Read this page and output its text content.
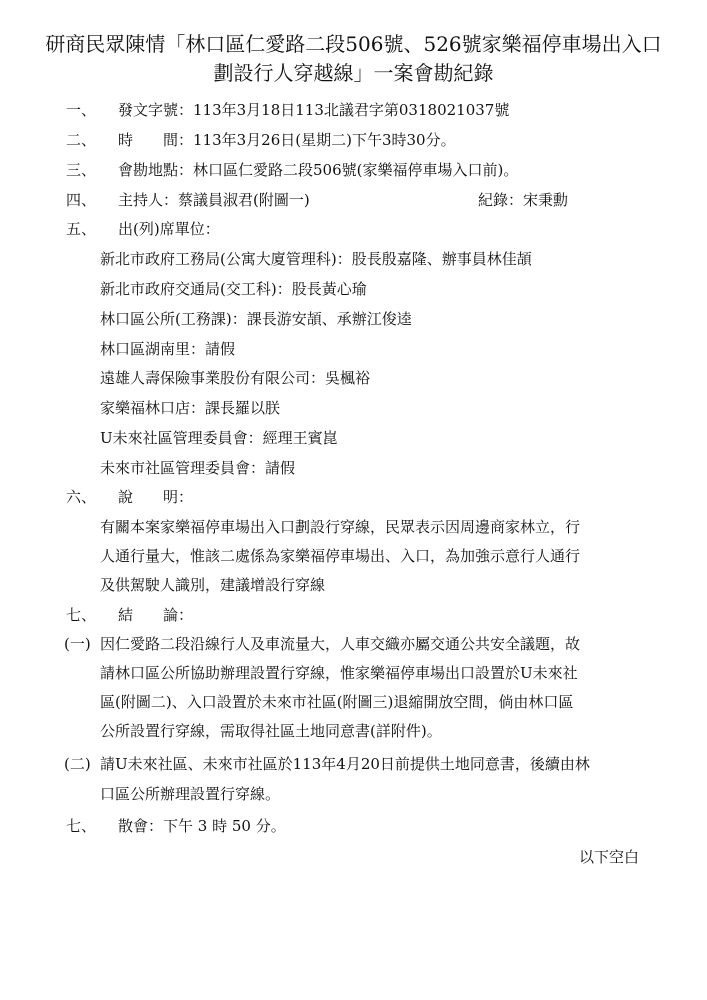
研商民眾陳情「林口區仁愛路二段506號、526號家樂福停車場出入口
劃設行人穿越線」一案會勘紀錄
一、 發文字號：113年3月18日113北議君字第0318021037號
二、 時　　間：113年3月26日(星期二)下午3時30分。
三、 會勘地點：林口區仁愛路二段506號(家樂福停車場入口前)。
四、 主持人：蔡議員淑君(附圖一)	紀錄：宋秉勳
五、 出(列)席單位：
新北市政府工務局(公寓大廈管理科)：股長殷嘉隆、辦事員林佳頡
新北市政府交通局(交工科)：股長黃心瑜
林口區公所(工務課)：課長游安頡、承辦江俊逵
林口區湖南里：請假
遠雄人壽保險事業股份有限公司：吳楓裕
家樂福林口店：課長羅以朕
U未來社區管理委員會：經理王賓崑
未來市社區管理委員會：請假
六、 說　　明：
有關本案家樂福停車場出入口劃設行穿線，民眾表示因周邊商家林立，行
人通行量大，惟該二處係為家樂福停車場出、入口，為加強示意行人通行
及供駕駛人識別，建議增設行穿線
七、 結　　論：
(一) 因仁愛路二段沿線行人及車流量大，人車交織亦屬交通公共安全議題，故
請林口區公所協助辦理設置行穿線，惟家樂福停車場出口設置於U未來社
區(附圖二)、入口設置於未來市社區(附圖三)退縮開放空間，倘由林口區
公所設置行穿線，需取得社區土地同意書(詳附件)。
(二) 請U未來社區、未來市社區於113年4月20日前提供土地同意書，後續由林
口區公所辦理設置行穿線。
七、 散會：下午 3 時 50 分。
以下空白
